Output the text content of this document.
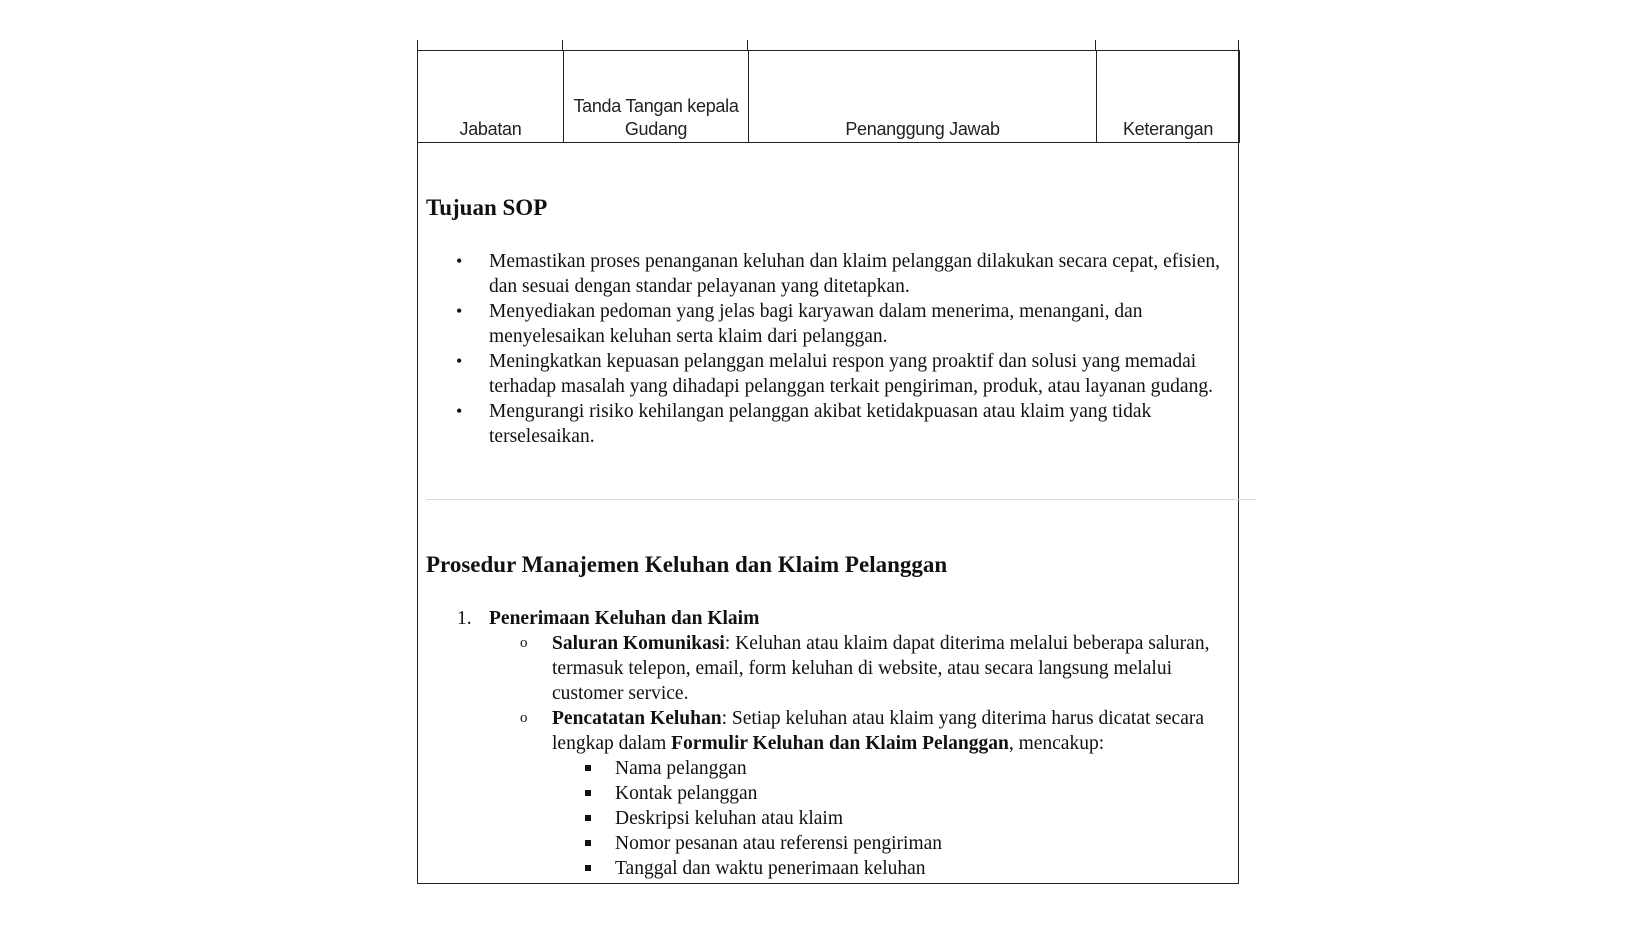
Jabatan	Tanda Tangan kepala Gudang	Penanggung Jawab	Keterangan
Tujuan SOP
• Memastikan proses penanganan keluhan dan klaim pelanggan dilakukan secara cepat, efisien, dan sesuai dengan standar pelayanan yang ditetapkan.
• Menyediakan pedoman yang jelas bagi karyawan dalam menerima, menangani, dan menyelesaikan keluhan serta klaim dari pelanggan.
• Meningkatkan kepuasan pelanggan melalui respon yang proaktif dan solusi yang memadai terhadap masalah yang dihadapi pelanggan terkait pengiriman, produk, atau layanan gudang.
• Mengurangi risiko kehilangan pelanggan akibat ketidakpuasan atau klaim yang tidak terselesaikan.
Prosedur Manajemen Keluhan dan Klaim Pelanggan
1. Penerimaan Keluhan dan Klaim
o Saluran Komunikasi: Keluhan atau klaim dapat diterima melalui beberapa saluran, termasuk telepon, email, form keluhan di website, atau secara langsung melalui customer service.
o Pencatatan Keluhan: Setiap keluhan atau klaim yang diterima harus dicatat secara lengkap dalam Formulir Keluhan dan Klaim Pelanggan, mencakup:
Nama pelanggan
Kontak pelanggan
Deskripsi keluhan atau klaim
Nomor pesanan atau referensi pengiriman
Tanggal dan waktu penerimaan keluhan
